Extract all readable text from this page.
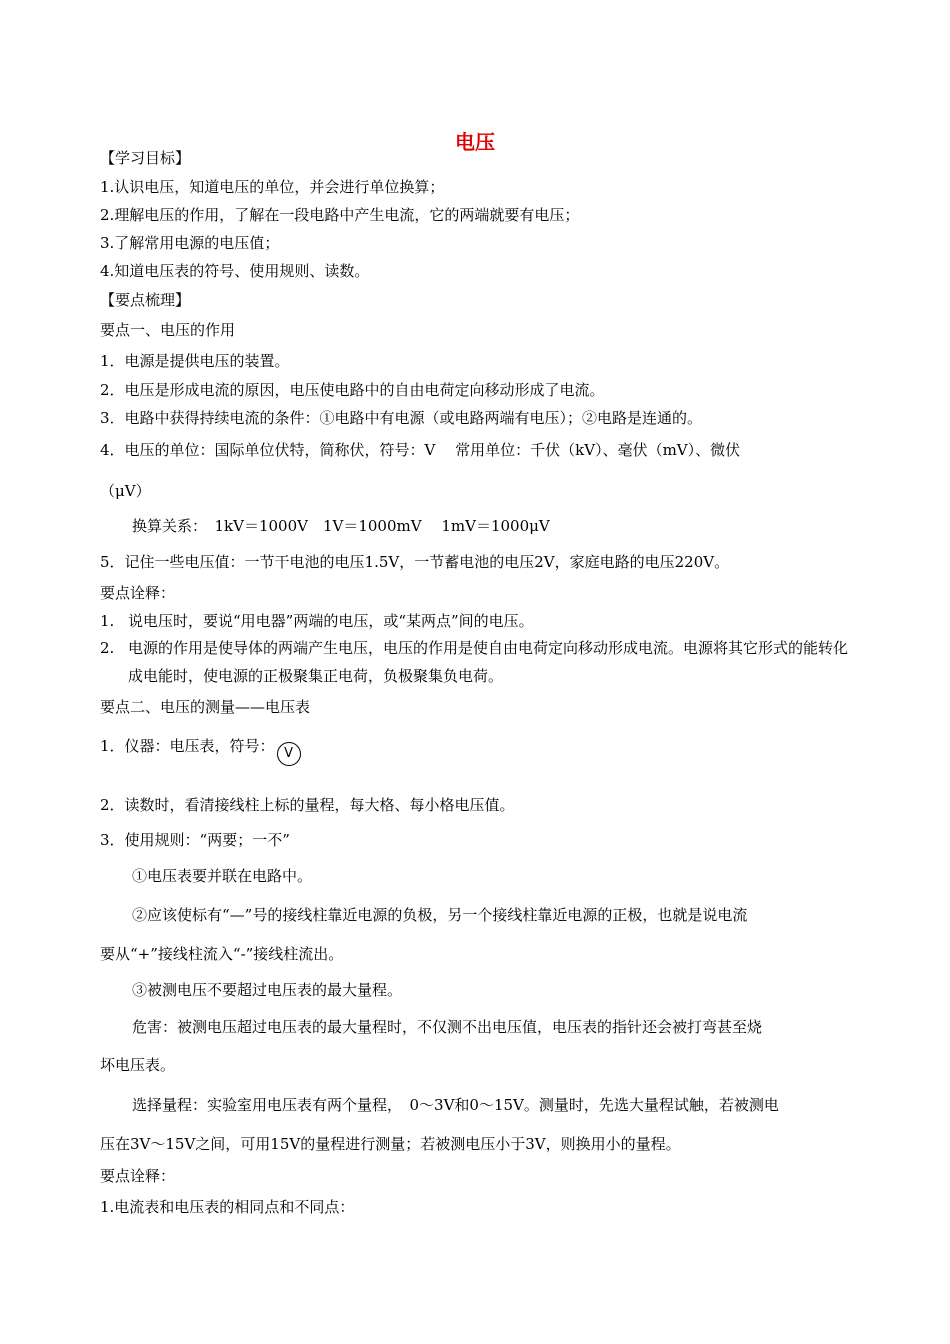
电压
【学习目标】
1.认识电压，知道电压的单位，并会进行单位换算；
2.理解电压的作用，了解在一段电路中产生电流，它的两端就要有电压；
3.了解常用电源的电压值；
4.知道电压表的符号、使用规则、读数。
【要点梳理】
要点一、电压的作用
1．电源是提供电压的装置。
2．电压是形成电流的原因，电压使电路中的自由电荷定向移动形成了电流。
3．电路中获得持续电流的条件：①电路中有电源（或电路两端有电压）；②电路是连通的。
4．电压的单位：国际单位伏特，简称伏，符号：V　 常用单位：千伏（kV）、毫伏（mV）、微伏
（μV）
换算关系：　1kV＝1000V　1V＝1000mV　 1mV＝1000μV
5．记住一些电压值：一节干电池的电压1.5V，一节蓄电池的电压2V，家庭电路的电压220V。
要点诠释：
1. 说电压时，要说“用电器”两端的电压，或“某两点”间的电压。
2. 电源的作用是使导体的两端产生电压，电压的作用是使自由电荷定向移动形成电流。电源将其它形式的能转化成电能时，使电源的正极聚集正电荷，负极聚集负电荷。
要点二、电压的测量——电压表
1．仪器：电压表，符号： V
2．读数时，看清接线柱上标的量程，每大格、每小格电压值。
3．使用规则：“两要；一不”
①电压表要并联在电路中。
②应该使标有“—”号的接线柱靠近电源的负极，另一个接线柱靠近电源的正极，也就是说电流
要从“+”接线柱流入“-”接线柱流出。
③被测电压不要超过电压表的最大量程。
危害：被测电压超过电压表的最大量程时，不仅测不出电压值，电压表的指针还会被打弯甚至烧
坏电压表。
选择量程：实验室用电压表有两个量程，　0～3V和0～15V。测量时，先选大量程试触，若被测电
压在3V～15V之间，可用15V的量程进行测量；若被测电压小于3V，则换用小的量程。
要点诠释：
1.电流表和电压表的相同点和不同点：
